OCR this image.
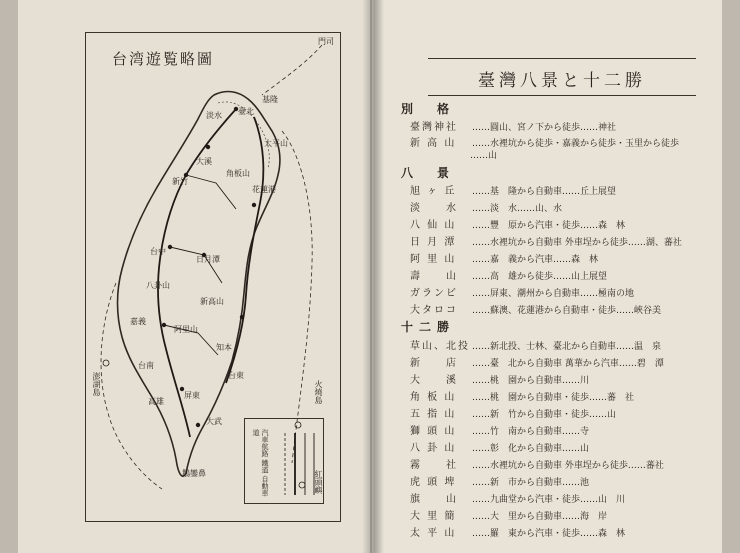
台湾遊覧略圖
門司
臺北
基隆
淡水
新竹
大溪
角板山
台中
日月潭
嘉義
阿里山
新高山
台南
高雄
屏東
鵝鑾鼻
花蓮港
台東
大武
知本
澎湖島	火燒島
紅頭嶼
八卦山
太平山
汽車航路 鐵道 自動車道
臺灣八景と十二勝
別　格
臺灣神社 ……圓山、宮ノ下から徒歩……神社
新 高 山 ……水裡坑から徒歩・嘉義から徒歩・玉里から徒歩
……山
八　景
旭 ヶ 丘 ……基　隆から自動車……丘上展望
淡　　水 ……淡　水……山、水
八 仙 山 ……豐　原から汽車・徒歩……森　林
日 月 潭 ……水裡坑から自動車 外車埕から徒歩……湖、蕃社
阿 里 山 ……嘉　義から汽車……森　林
壽　　山 ……高　雄から徒歩……山上展望
ガランビ ……屏東、潮州から自動車……極南の地
大タロコ ……蘇澳、花蓮港から自動車・徒歩……峽谷美
十二勝
草山、北投 ……新北投、士林、臺北から自動車……温　泉
新　　店 ……臺　北から自動車 萬華から汽車……碧　潭
大　　溪 ……桃　園から自動車……川
角 板 山 ……桃　園から自動車・徒歩……蕃　社
五 指 山 ……新　竹から自動車・徒歩……山
獅 頭 山 ……竹　南から自動車……寺
八 卦 山 ……彰　化から自動車……山
霧　　社 ……水裡坑から自動車 外車埕から徒歩……蕃社
虎 頭 埤 ……新　市から自動車……池
旗　　山 ……九曲堂から汽車・徒歩……山　川
大 里 簡 ……大　里から自動車……海　岸
太 平 山 ……羅　東から汽車・徒歩……森　林
